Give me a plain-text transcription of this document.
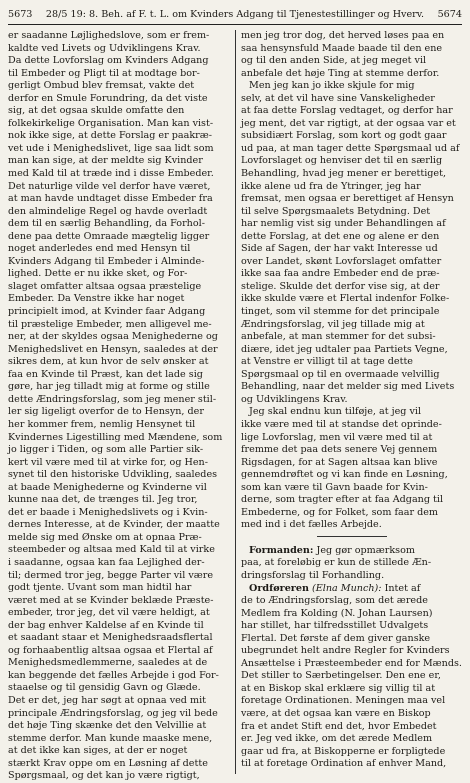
5673	28/5 19: 8. Beh. af F. t. L. om Kvinders Adgang til Tjenestestillinger og Hverv.	5674
er saadanne Løjlighedslove, som er frem-
kaldte ved Livets og Udviklingens Krav.
Da dette Lovforslag om Kvinders Adgang
til Embeder og Pligt til at modtage bor-
gerligt Ombud blev fremsat, vakte det
derfor en Smule Forundring, da det viste
sig, at det ogsaa skulde omfatte den
folkekirkelige Organisation. Man kan vist-
nok ikke sige, at dette Forslag er paakræ-
vet ude i Menighedslivet, lige saa lidt som
man kan sige, at der meldte sig Kvinder
med Kald til at træde ind i disse Embeder.
Det naturlige vilde vel derfor have været,
at man havde undtaget disse Embeder fra
den almindelige Regel og havde overladt
dem til en særlig Behandling, da Forhol-
dene paa dette Omraade mægtelig ligger
noget anderledes end med Hensyn til
Kvinders Adgang til Embeder i Alminde-
lighed. Dette er nu ikke sket, og For-
slaget omfatter altsaa ogsaa præstelige
Embeder. Da Venstre ikke har noget
principielt imod, at Kvinder faar Adgang
til præstelige Embeder, men alligevel me-
ner, at der skyldes ogsaa Menighederne og
Menighedslivet en Hensyn, saaledes at der
sikres dem, at kun hvor de selv ønsker at
faa en Kvinde til Præst, kan det lade sig
gøre, har jeg tilladt mig at forme og stille
dette Ændringsforslag, som jeg mener stil-
ler sig ligeligt overfor de to Hensyn, der
her kommer frem, nemlig Hensynet til
Kvindernes Ligestilling med Mændene, som
jo ligger i Tiden, og som alle Partier sik-
kert vil være med til at virke for, og Hen-
synet til den historiske Udvikling, saaledes
at baade Menighederne og Kvinderne vil
kunne naa det, de trænges til. Jeg tror,
det er baade i Menighedslivets og i Kvin-
dernes Interesse, at de Kvinder, der maatte
melde sig med Ønske om at opnaa Præ-
steembeder og altsaa med Kald til at virke
i saadanne, ogsaa kan faa Lejlighed der-
til; dermed tror jeg, begge Parter vil være
godt tjente. Uvant som man hidtil har
været med at se Kvinder beklæde Præste-
embeder, tror jeg, det vil være heldigt, at
der bag enhver Kaldelse af en Kvinde til
et saadant staar et Menighedsraadsflertal
og forhaabentlig altsaa ogsaa et Flertal af
Menighedsmedlemmerne, saaledes at de
kan beggende det fælles Arbejde i god For-
staaelse og til gensidig Gavn og Glæde.
Det er det, jeg har søgt at opnaa ved mit
principale Ændringsforslag, og jeg vil bede
det høje Ting skænke det den Velvillie at
stemme derfor. Man kunde maaske mene,
at det ikke kan siges, at der er noget
stærkt Krav oppe om en Løsning af dette
Spørgsmaal, og det kan jo være rigtigt,
men jeg tror dog, det herved løses paa en
saa hensynsfuld Maade baade til den ene
og til den anden Side, at jeg meget vil
anbefale det høje Ting at stemme derfor.
Men jeg kan jo ikke skjule for mig
selv, at det vil have sine Vanskeligheder
at faa dette Forslag vedtaget, og derfor har
jeg ment, det var rigtigt, at der ogsaa var et
subsidiært Forslag, som kort og godt gaar
ud paa, at man tager dette Spørgsmaal ud af
Lovforslaget og henviser det til en særlig
Behandling, hvad jeg mener er berettiget,
ikke alene ud fra de Ytringer, jeg har
fremsat, men ogsaa er berettiget af Hensyn
til selve Spørgsmaalets Betydning. Det
har nemlig vist sig under Behandlingen af
dette Forslag, at det ene og alene er den
Side af Sagen, der har vakt Interesse ud
over Landet, skønt Lovforslaget omfatter
ikke saa faa andre Embeder end de præ-
stelige. Skulde det derfor vise sig, at der
ikke skulde være et Flertal indenfor Folke-
tinget, som vil stemme for det principale
Ændringsforslag, vil jeg tillade mig at
anbefale, at man stemmer for det subsi-
diære, idet jeg udtaler paa Partiets Vegne,
at Venstre er villigt til at tage dette
Spørgsmaal op til en overmaade velvillig
Behandling, naar det melder sig med Livets
og Udviklingens Krav.
Jeg skal endnu kun tilføje, at jeg vil
ikke være med til at standse det oprinde-
lige Lovforslag, men vil være med til at
fremme det paa dets senere Vej gennem
Rigsdagen, for at Sagen altsaa kan blive
gennemdrøftet og vi kan finde en Løsning,
som kan være til Gavn baade for Kvin-
derne, som tragter efter at faa Adgang til
Embederne, og for Folket, som faar dem
med ind i det fælles Arbejde.
Formanden: Jeg gør opmærksom
paa, at foreløbig er kun de stillede Æn-
dringsforslag til Forhandling.
Ordføreren (Elna Munch): Intet af
de to Ændringsforslag, som det ærede
Medlem fra Kolding (N. Johan Laursen)
har stillet, har tilfredsstillet Udvalgets
Flertal. Det første af dem giver ganske
ubegrundet helt andre Regler for Kvinders
Ansættelse i Præsteembeder end for Mænds.
Det stiller to Særbetingelser. Den ene er,
at en Biskop skal erklære sig villig til at
foretage Ordinationen. Meningen maa vel
være, at det ogsaa kan være en Biskop
fra et andet Stift end det, hvor Embedet
er. Jeg ved ikke, om det ærede Medlem
gaar ud fra, at Biskopperne er forpligtede
til at foretage Ordination af enhver Mand,
